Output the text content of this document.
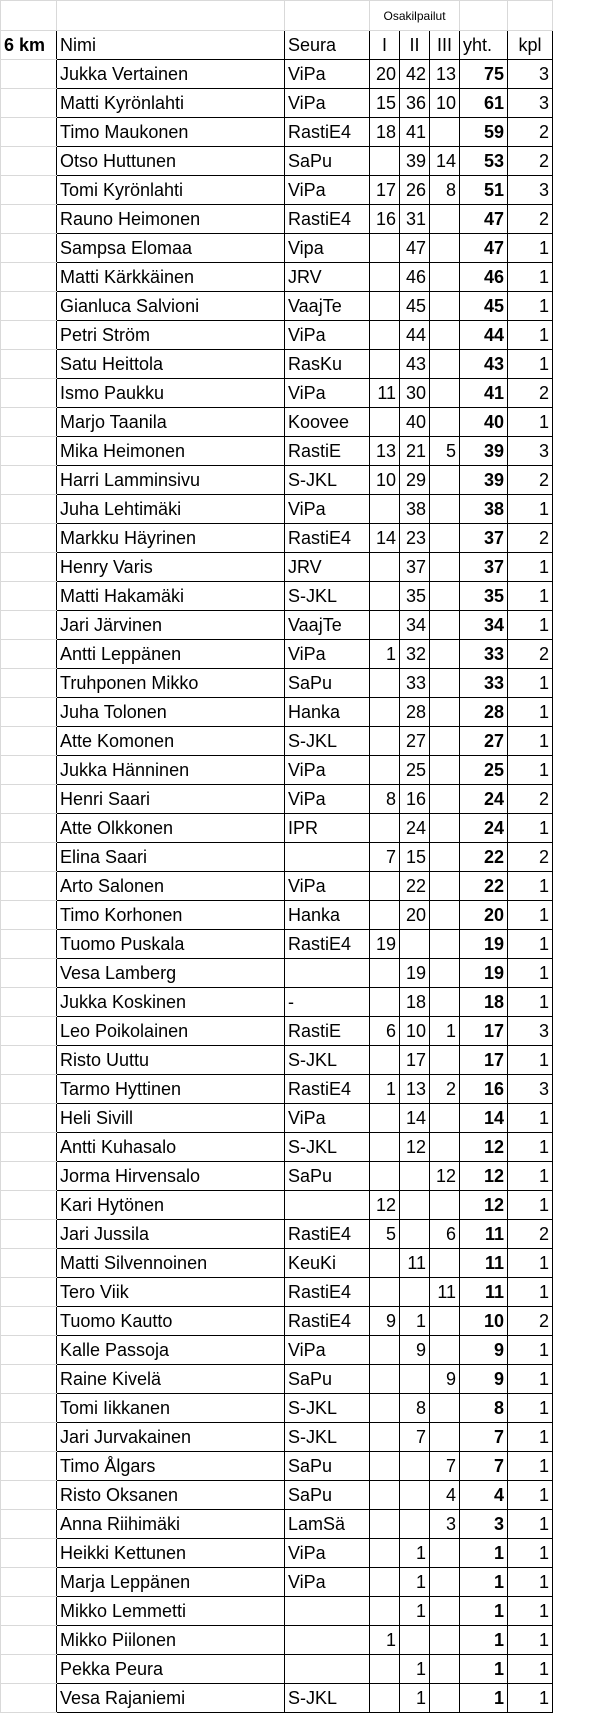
			Osakilpailut				
6 km	Nimi	Seura	I	II	III	yht.	kpl
	Jukka Vertainen	ViPa	20	42	13	75	3
	Matti Kyrönlahti	ViPa	15	36	10	61	3
	Timo Maukonen	RastiE4	18	41		59	2
	Otso Huttunen	SaPu		39	14	53	2
	Tomi Kyrönlahti	ViPa	17	26	8	51	3
	Rauno Heimonen	RastiE4	16	31		47	2
	Sampsa Elomaa	Vipa		47		47	1
	Matti Kärkkäinen	JRV		46		46	1
	Gianluca Salvioni	VaajTe		45		45	1
	Petri Ström	ViPa		44		44	1
	Satu Heittola	RasKu		43		43	1
	Ismo Paukku	ViPa	11	30		41	2
	Marjo Taanila	Koovee		40		40	1
	Mika Heimonen	RastiE	13	21	5	39	3
	Harri Lamminsivu	S-JKL	10	29		39	2
	Juha Lehtimäki	ViPa		38		38	1
	Markku Häyrinen	RastiE4	14	23		37	2
	Henry Varis	JRV		37		37	1
	Matti Hakamäki	S-JKL		35		35	1
	Jari Järvinen	VaajTe		34		34	1
	Antti Leppänen	ViPa	1	32		33	2
	Truhponen Mikko	SaPu		33		33	1
	Juha Tolonen	Hanka		28		28	1
	Atte Komonen	S-JKL		27		27	1
	Jukka Hänninen	ViPa		25		25	1
	Henri Saari	ViPa	8	16		24	2
	Atte Olkkonen	IPR		24		24	1
	Elina Saari		7	15		22	2
	Arto Salonen	ViPa		22		22	1
	Timo Korhonen	Hanka		20		20	1
	Tuomo Puskala	RastiE4	19			19	1
	Vesa Lamberg			19		19	1
	Jukka Koskinen	-		18		18	1
	Leo Poikolainen	RastiE	6	10	1	17	3
	Risto Uuttu	S-JKL		17		17	1
	Tarmo Hyttinen	RastiE4	1	13	2	16	3
	Heli Sivill	ViPa		14		14	1
	Antti Kuhasalo	S-JKL		12		12	1
	Jorma Hirvensalo	SaPu			12	12	1
	Kari Hytönen		12			12	1
	Jari Jussila	RastiE4	5		6	11	2
	Matti Silvennoinen	KeuKi		11		11	1
	Tero Viik	RastiE4			11	11	1
	Tuomo Kautto	RastiE4	9	1		10	2
	Kalle Passoja	ViPa		9		9	1
	Raine Kivelä	SaPu			9	9	1
	Tomi Iikkanen	S-JKL		8		8	1
	Jari Jurvakainen	S-JKL		7		7	1
	Timo Ålgars	SaPu			7	7	1
	Risto Oksanen	SaPu			4	4	1
	Anna Riihimäki	LamSä			3	3	1
	Heikki Kettunen	ViPa		1		1	1
	Marja Leppänen	ViPa		1		1	1
	Mikko Lemmetti			1		1	1
	Mikko Piilonen		1			1	1
	Pekka Peura			1		1	1
	Vesa Rajaniemi	S-JKL		1		1	1
